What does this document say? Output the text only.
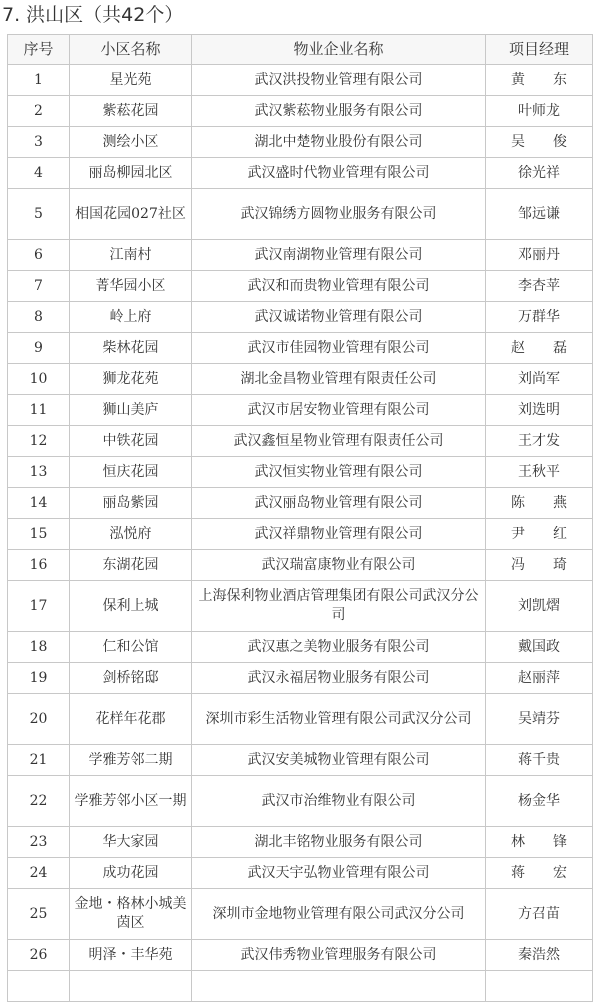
7. 洪山区（共42个）
序号	小区名称	物业企业名称	项目经理
1	星光苑	武汉洪投物业管理有限公司	黄　　东
2	紫菘花园	武汉紫菘物业服务有限公司	叶师龙
3	测绘小区	湖北中楚物业股份有限公司	吴　　俊
4	丽岛柳园北区	武汉盛时代物业管理有限公司	徐光祥
5	相国花园027社区	武汉锦绣方圆物业服务有限公司	邹远谦
6	江南村	武汉南湖物业管理有限公司	邓丽丹
7	菁华园小区	武汉和而贵物业管理有限公司	李杏苹
8	岭上府	武汉诚诺物业管理有限公司	万群华
9	柴林花园	武汉市佳园物业管理有限公司	赵　　磊
10	狮龙花苑	湖北金昌物业管理有限责任公司	刘尚军
11	狮山美庐	武汉市居安物业管理有限公司	刘选明
12	中铁花园	武汉鑫恒星物业管理有限责任公司	王才发
13	恒庆花园	武汉恒实物业管理有限公司	王秋平
14	丽岛紫园	武汉丽岛物业管理有限公司	陈　　燕
15	泓悦府	武汉祥鼎物业管理有限公司	尹　　红
16	东湖花园	武汉瑞富康物业有限公司	冯　　琦
17	保利上城	上海保利物业酒店管理集团有限公司武汉分公司	刘凯熠
18	仁和公馆	武汉惠之美物业服务有限公司	戴国政
19	剑桥铭邸	武汉永福居物业服务有限公司	赵丽萍
20	花样年花郡	深圳市彩生活物业管理有限公司武汉分公司	吴靖芬
21	学雅芳邻二期	武汉安美城物业管理有限公司	蒋千贵
22	学雅芳邻小区一期	武汉市治维物业有限公司	杨金华
23	华大家园	湖北丰铭物业服务有限公司	林　　锋
24	成功花园	武汉天宇弘物业管理有限公司	蒋　　宏
25	金地・格林小城美茵区	深圳市金地物业管理有限公司武汉分公司	方召苗
26	明泽・丰华苑	武汉伟秀物业管理服务有限公司	秦浩然
